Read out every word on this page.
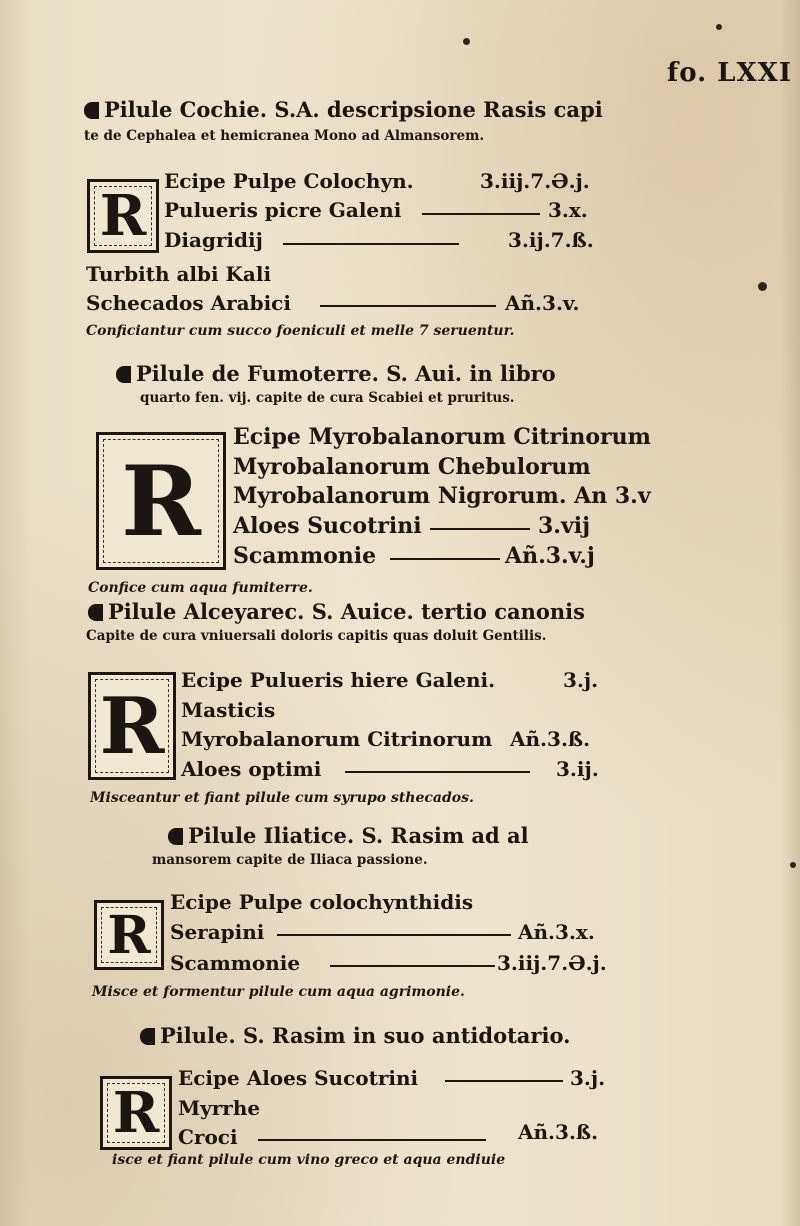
fo. LXXI
Pilule Cochie. S.A. descripsione Rasis capi
te de Cephalea et hemicranea Mono ad Almansorem.
R
Ecipe Pulpe Colochyn.	3.iij.7.Ə.j.
Pulueris picre Galeni	3.x.
Diagridij	3.ij.7.ß.
Turbith albi Kali
Schecados Arabici	Añ.3.v.
Conficiantur cum succo foeniculi et melle 7 seruentur.
Pilule de Fumoterre. S. Aui. in libro
quarto fen. vij. capite de cura Scabiei et pruritus.
R
Ecipe Myrobalanorum Citrinorum
Myrobalanorum Chebulorum
Myrobalanorum Nigrorum. An 3.v
Aloes Sucotrini	3.vij
Scammonie	Añ.3.v.j
Confice cum aqua fumiterre.
Pilule Alceyarec. S. Auice. tertio canonis
Capite de cura vniuersali doloris capitis quas doluit Gentilis.
R
Ecipe Pulueris hiere Galeni.	3.j.
Masticis
Myrobalanorum Citrinorum Añ.3.ß.
Aloes optimi	3.ij.
Misceantur et fiant pilule cum syrupo sthecados.
Pilule Iliatice. S. Rasim ad al
mansorem capite de Iliaca passione.
R
Ecipe Pulpe colochynthidis
Serapini	Añ.3.x.
Scammonie	3.iij.7.Ə.j.
Misce et formentur pilule cum aqua agrimonie.
Pilule. S. Rasim in suo antidotario.
R
Ecipe Aloes Sucotrini	3.j.
Myrrhe
Croci	Añ.3.ß.
isce et fiant pilule cum vino greco et aqua endiuie
